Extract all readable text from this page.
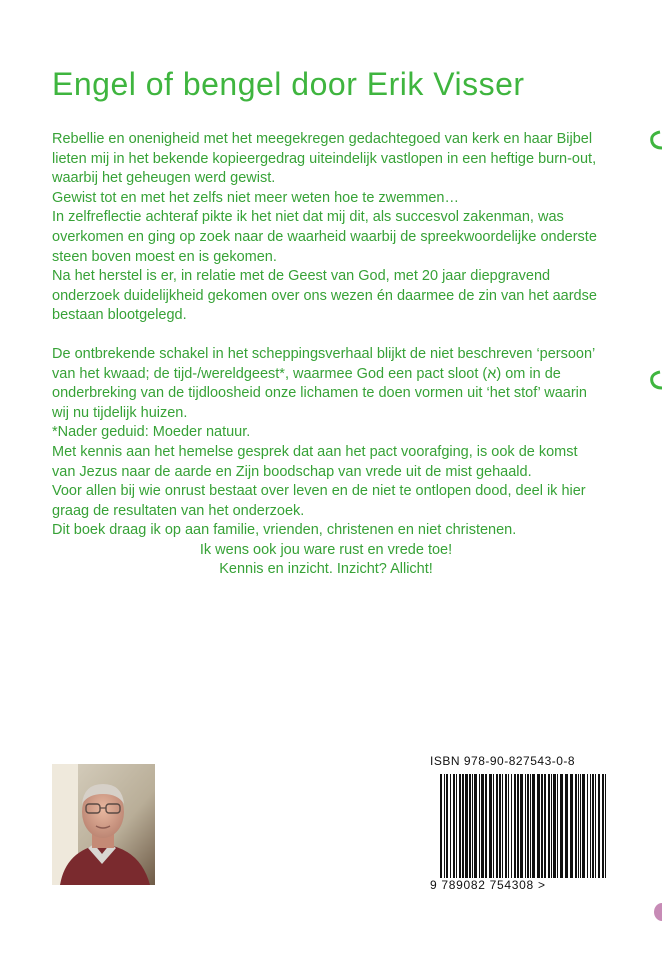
Engel of bengel door Erik Visser

Rebellie en onenigheid met het meegekregen gedachtegoed van kerk en haar Bijbel lieten mij in het bekende kopieergedrag uiteindelijk vastlopen in een heftige burn-out, waarbij het geheugen werd gewist.

Gewist tot en met het zelfs niet meer weten hoe te zwemmen…

In zelfreflectie achteraf pikte ik het niet dat mij dit, als succesvol zakenman, was overkomen en ging op zoek naar de waarheid waarbij de spreekwoordelijke onderste steen boven moest en is gekomen.

Na het herstel is er, in relatie met de Geest van God, met 20 jaar diepgravend onderzoek duidelijkheid gekomen over ons wezen én daarmee de zin van het aardse bestaan blootgelegd.

De ontbrekende schakel in het scheppingsverhaal blijkt de niet beschreven ‘persoon’ van het kwaad; de tijd-/wereldgeest*, waarmee God een pact sloot (א) om in de onderbreking van de tijdloosheid onze lichamen te doen vormen uit ‘het stof’ waarin wij nu tijdelijk huizen.

*Nader geduid: Moeder natuur.

Met kennis aan het hemelse gesprek dat aan het pact voorafging, is ook de komst van Jezus naar de aarde en Zijn boodschap van vrede uit de mist gehaald.

Voor allen bij wie onrust bestaat over leven en de niet te ontlopen dood, deel ik hier graag de resultaten van het onderzoek.

Dit boek draag ik op aan familie, vrienden, christenen en niet christenen.

Ik wens ook jou ware rust en vrede toe!

Kennis en inzicht. Inzicht? Allicht!

ISBN 978-90-827543-0-8
9 789082 754308 >
